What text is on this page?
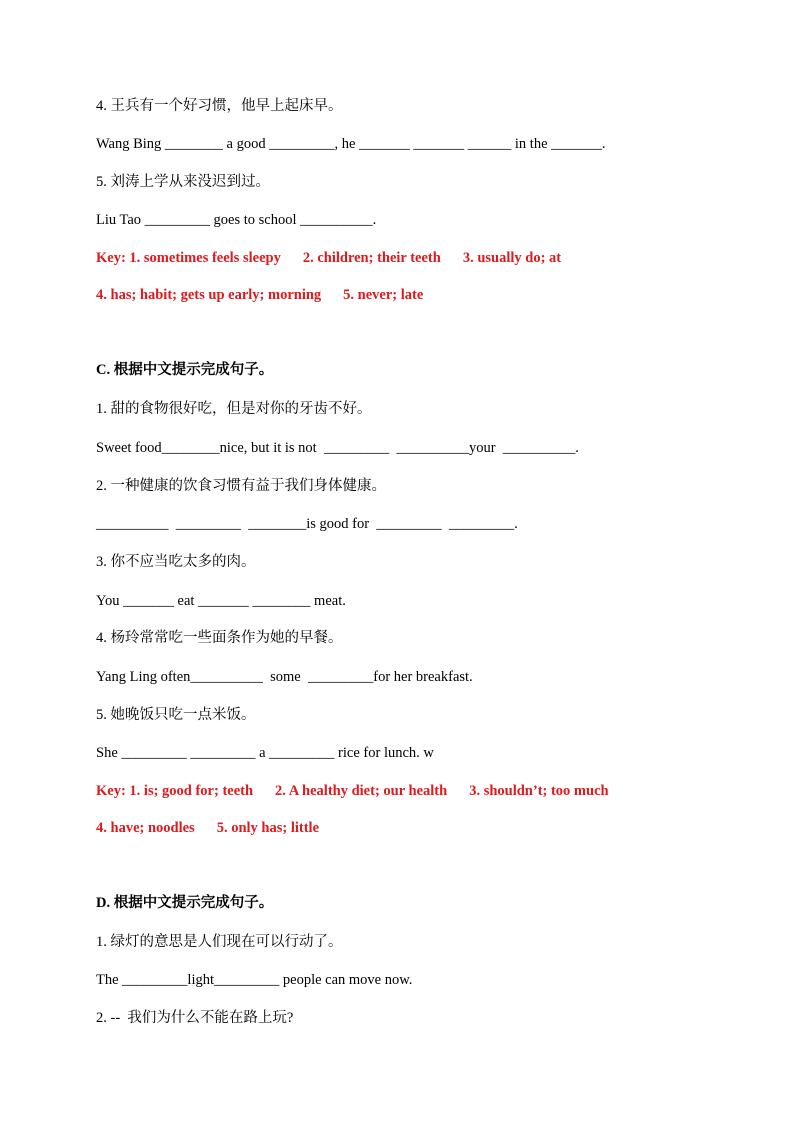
4. 王兵有一个好习惯，他早上起床早。
Wang Bing ________ a good _________, he _______ _______ ______ in the _______.
5. 刘涛上学从来没迟到过。
Liu Tao _________ goes to school __________.
Key: 1. sometimes feels sleepy 2. children; their teeth 3. usually do; at
4. has; habit; gets up early; morning 5. never; late
C. 根据中文提示完成句子。
1. 甜的食物很好吃，但是对你的牙齿不好。
Sweet food________nice, but it is not  _________  __________your  __________.
2. 一种健康的饮食习惯有益于我们身体健康。
__________  _________  ________is good for  _________  _________.
3. 你不应当吃太多的肉。
You _______ eat _______ ________ meat.
4. 杨玲常常吃一些面条作为她的早餐。
Yang Ling often__________  some  _________for her breakfast.
5. 她晚饭只吃一点米饭。
She _________ _________ a _________ rice for lunch. w
Key: 1. is; good for; teeth 2. A healthy diet; our health 3. shouldn’t; too much
4. have; noodles 5. only has; little
D. 根据中文提示完成句子。
1. 绿灯的意思是人们现在可以行动了。
The _________light_________ people can move now.
2. --  我们为什么不能在路上玩?
